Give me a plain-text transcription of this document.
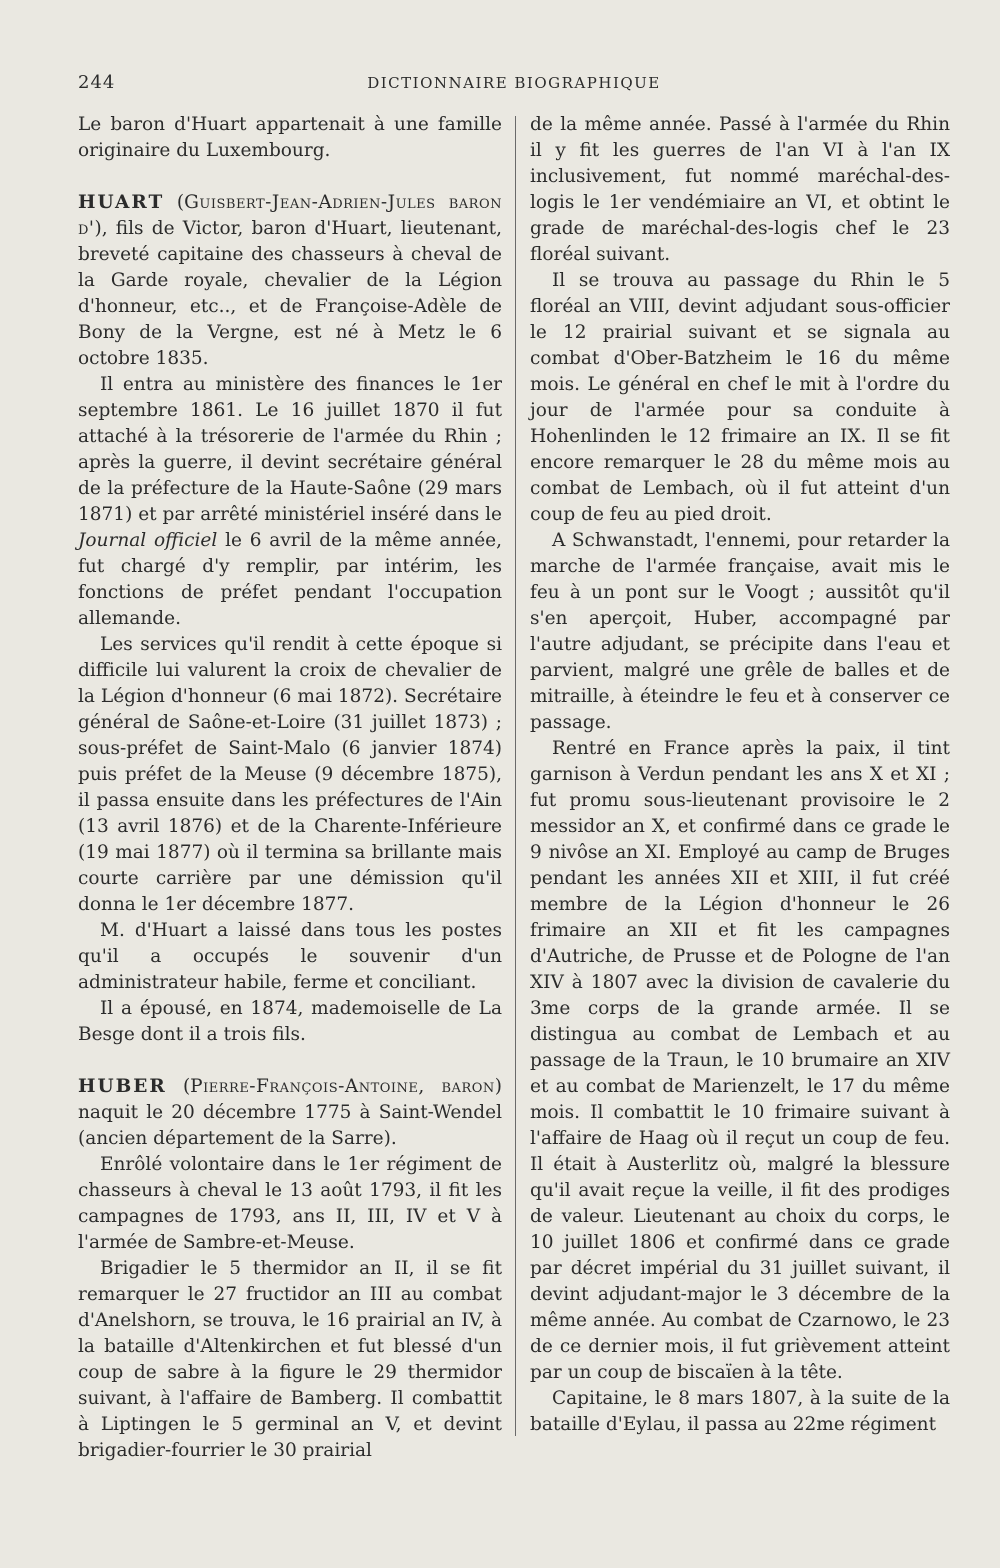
244	DICTIONNAIRE BIOGRAPHIQUE

Le baron d'Huart appartenait à une famille originaire du Luxembourg.

HUART (Guisbert-Jean-Adrien-Jules baron d'), fils de Victor, baron d'Huart, lieutenant, breveté capitaine des chasseurs à cheval de la Garde royale, chevalier de la Légion d'honneur, etc.., et de Françoise-Adèle de Bony de la Vergne, est né à Metz le 6 octobre 1835.

Il entra au ministère des finances le 1er septembre 1861. Le 16 juillet 1870 il fut attaché à la trésorerie de l'armée du Rhin ; après la guerre, il devint secrétaire général de la préfecture de la Haute-Saône (29 mars 1871) et par arrêté ministériel inséré dans le Journal officiel le 6 avril de la même année, fut chargé d'y remplir, par intérim, les fonctions de préfet pendant l'occupation allemande.

Les services qu'il rendit à cette époque si difficile lui valurent la croix de chevalier de la Légion d'honneur (6 mai 1872). Secrétaire général de Saône-et-Loire (31 juillet 1873) ; sous-préfet de Saint-Malo (6 janvier 1874) puis préfet de la Meuse (9 décembre 1875), il passa ensuite dans les préfectures de l'Ain (13 avril 1876) et de la Charente-Inférieure (19 mai 1877) où il termina sa brillante mais courte carrière par une démission qu'il donna le 1er décembre 1877.

M. d'Huart a laissé dans tous les postes qu'il a occupés le souvenir d'un administrateur habile, ferme et conciliant.

Il a épousé, en 1874, mademoiselle de La Besge dont il a trois fils.

HUBER (Pierre-François-Antoine, baron) naquit le 20 décembre 1775 à Saint-Wendel (ancien département de la Sarre).

Enrôlé volontaire dans le 1er régiment de chasseurs à cheval le 13 août 1793, il fit les campagnes de 1793, ans II, III, IV et V à l'armée de Sambre-et-Meuse.

Brigadier le 5 thermidor an II, il se fit remarquer le 27 fructidor an III au combat d'Anelshorn, se trouva, le 16 prairial an IV, à la bataille d'Altenkirchen et fut blessé d'un coup de sabre à la figure le 29 thermidor suivant, à l'affaire de Bamberg. Il combattit à Liptingen le 5 germinal an V, et devint brigadier-fourrier le 30 prairial

de la même année. Passé à l'armée du Rhin il y fit les guerres de l'an VI à l'an IX inclusivement, fut nommé maréchal-des-logis le 1er vendémiaire an VI, et obtint le grade de maréchal-des-logis chef le 23 floréal suivant.

Il se trouva au passage du Rhin le 5 floréal an VIII, devint adjudant sous-officier le 12 prairial suivant et se signala au combat d'Ober-Batzheim le 16 du même mois. Le général en chef le mit à l'ordre du jour de l'armée pour sa conduite à Hohenlinden le 12 frimaire an IX. Il se fit encore remarquer le 28 du même mois au combat de Lembach, où il fut atteint d'un coup de feu au pied droit.

A Schwanstadt, l'ennemi, pour retarder la marche de l'armée française, avait mis le feu à un pont sur le Voogt ; aussitôt qu'il s'en aperçoit, Huber, accompagné par l'autre adjudant, se précipite dans l'eau et parvient, malgré une grêle de balles et de mitraille, à éteindre le feu et à conserver ce passage.

Rentré en France après la paix, il tint garnison à Verdun pendant les ans X et XI ; fut promu sous-lieutenant provisoire le 2 messidor an X, et confirmé dans ce grade le 9 nivôse an XI. Employé au camp de Bruges pendant les années XII et XIII, il fut créé membre de la Légion d'honneur le 26 frimaire an XII et fit les campagnes d'Autriche, de Prusse et de Pologne de l'an XIV à 1807 avec la division de cavalerie du 3me corps de la grande armée. Il se distingua au combat de Lembach et au passage de la Traun, le 10 brumaire an XIV et au combat de Marienzelt, le 17 du même mois. Il combattit le 10 frimaire suivant à l'affaire de Haag où il reçut un coup de feu. Il était à Austerlitz où, malgré la blessure qu'il avait reçue la veille, il fit des prodiges de valeur. Lieutenant au choix du corps, le 10 juillet 1806 et confirmé dans ce grade par décret impérial du 31 juillet suivant, il devint adjudant-major le 3 décembre de la même année. Au combat de Czarnowo, le 23 de ce dernier mois, il fut grièvement atteint par un coup de biscaïen à la tête.

Capitaine, le 8 mars 1807, à la suite de la bataille d'Eylau, il passa au 22me régiment
